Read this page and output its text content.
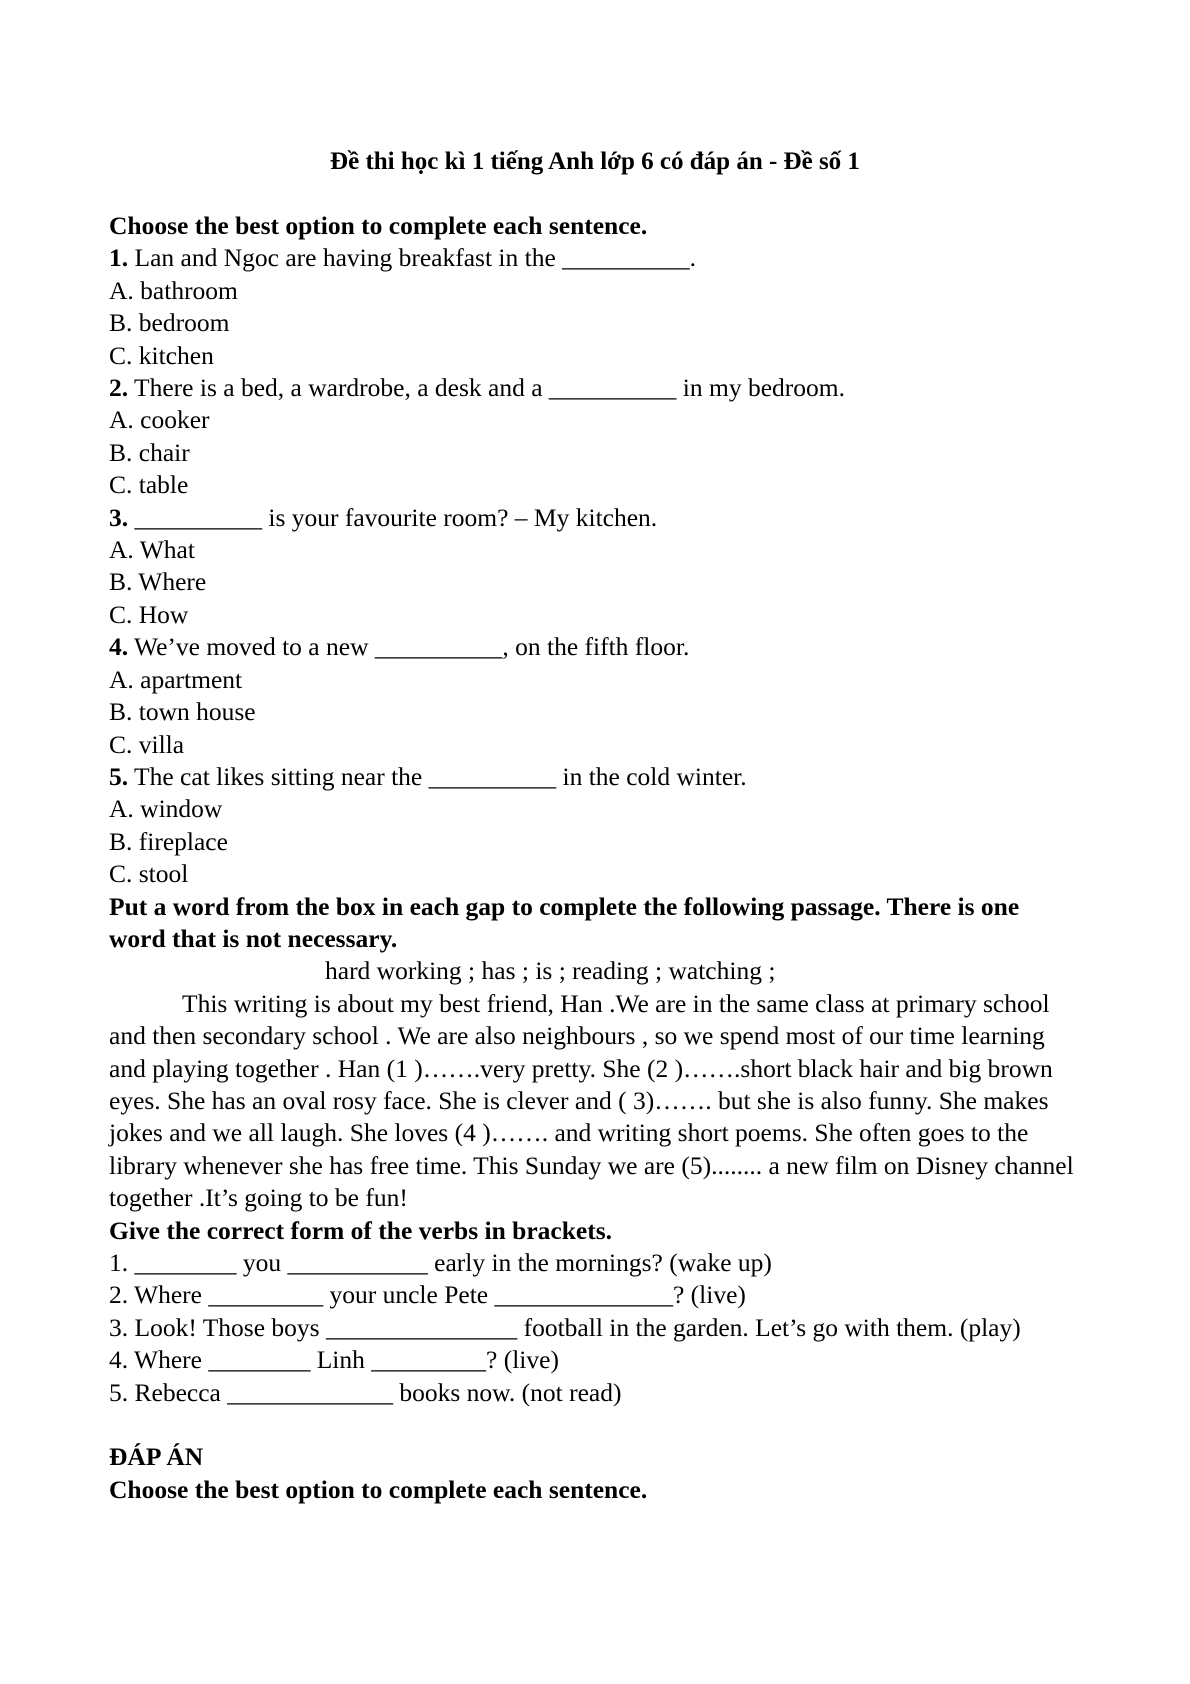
Đề thi học kì 1 tiếng Anh lớp 6 có đáp án - Đề số 1
Choose the best option to complete each sentence.
1. Lan and Ngoc are having breakfast in the __________.
A. bathroom
B. bedroom
C. kitchen
2. There is a bed, a wardrobe, a desk and a __________ in my bedroom.
A. cooker
B. chair
C. table
3. __________ is your favourite room? – My kitchen.
A. What
B. Where
C. How
4. We’ve moved to a new __________, on the fifth floor.
A. apartment
B. town house
C. villa
5. The cat likes sitting near the __________ in the cold winter.
A. window
B. fireplace
C. stool
Put a word from the box in each gap to complete the following passage. There is one word that is not necessary.
hard working ; has ; is ; reading ; watching ;
This writing is about my best friend, Han .We are in the same class at primary school and then secondary school . We are also neighbours , so we spend most of our time learning and playing together . Han (1 )…….very pretty. She (2 )…….short black hair and big brown eyes. She has an oval rosy face. She is clever and ( 3)……. but she is also funny. She makes jokes and we all laugh. She loves (4 )……. and writing short poems. She often goes to the library whenever she has free time. This Sunday we are (5)........ a new film on Disney channel together .It’s going to be fun!
Give the correct form of the verbs in brackets.
1. ________ you ___________ early in the mornings? (wake up)
2. Where _________ your uncle Pete ______________? (live)
3. Look! Those boys _______________ football in the garden. Let’s go with them. (play)
4. Where ________ Linh _________? (live)
5. Rebecca _____________ books now. (not read)
ĐÁP ÁN
Choose the best option to complete each sentence.
